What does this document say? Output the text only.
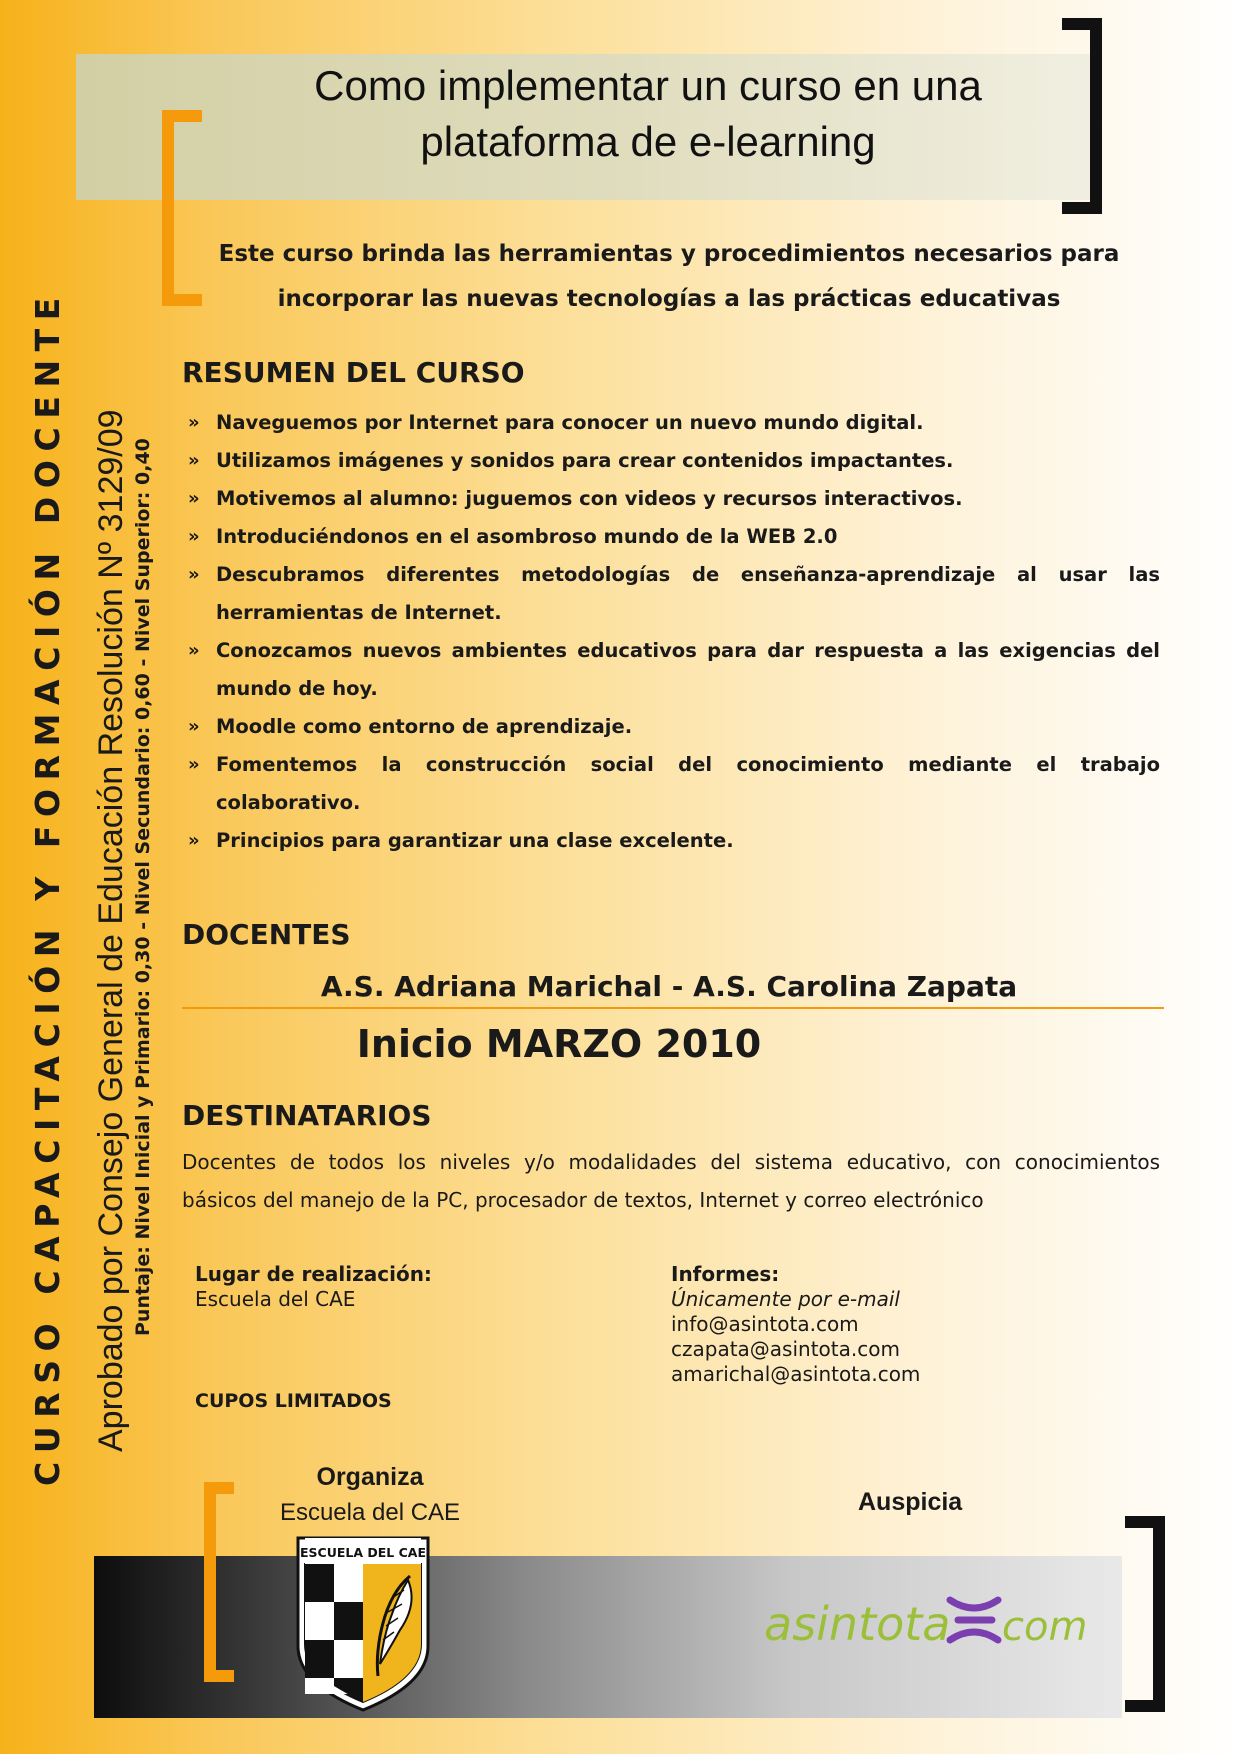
Como implementar un curso en una
plataforma de e-learning
CURSO CAPACITACIÓN Y FORMACIÓN DOCENTE Aprobado por Consejo General de Educación Resolución Nº 3129/09 Puntaje: Nivel Inicial y Primario: 0,30 - Nivel Secundario: 0,60 - Nivel Superior: 0,40

Este curso brinda las herramientas y procedimientos necesarios para
incorporar las nuevas tecnologías a las prácticas educativas

RESUMEN DEL CURSO
» Naveguemos por Internet para conocer un nuevo mundo digital.
» Utilizamos imágenes y sonidos para crear contenidos impactantes.
» Motivemos al alumno: juguemos con videos y recursos interactivos.
» Introduciéndonos en el asombroso mundo de la WEB 2.0
» Descubramos diferentes metodologías de enseñanza-aprendizaje al usar las herramientas de Internet.
» Conozcamos nuevos ambientes educativos para dar respuesta a las exigencias del mundo de hoy.
» Moodle como entorno de aprendizaje.
» Fomentemos la construcción social del conocimiento mediante el trabajo colaborativo.
» Principios para garantizar una clase excelente.
DOCENTES
A.S. Adriana Marichal - A.S. Carolina Zapata
Inicio MARZO 2010
DESTINATARIOS

Docentes de todos los niveles y/o modalidades del sistema educativo, con conocimientos básicos del manejo de la PC, procesador de textos, Internet y correo electrónico

Lugar de realización:
Escuela del CAE
Informes:
Únicamente por e-mail
info@asintota.com
czapata@asintota.com
amarichal@asintota.com
CUPOS LIMITADOS
Organiza
Escuela del CAE	Auspicia
ESCUELA DEL CAE
asintota com
